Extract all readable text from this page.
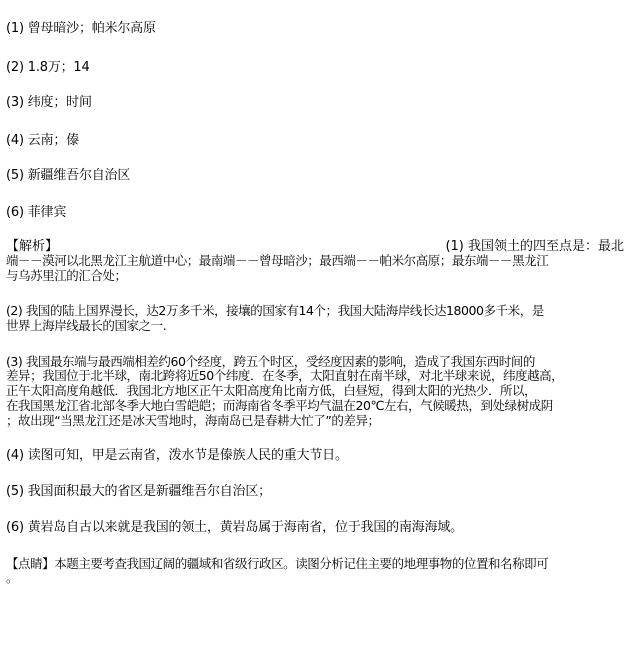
(1) 曾母暗沙；帕米尔高原
(2) 1.8万；14
(3) 纬度；时间
(4) 云南；傣
(5) 新疆维吾尔自治区
(6) 菲律宾
【解析】	(1) 我国领土的四至点是：最北
端－－漠河以北黑龙江主航道中心；最南端－－曾母暗沙；最西端－－帕米尔高原；最东端－－黑龙江
与乌苏里江的汇合处；
(2) 我国的陆上国界漫长，达2万多千米，接壤的国家有14个；我国大陆海岸线长达18000多千米，是
世界上海岸线最长的国家之一.
(3) 我国最东端与最西端相差约60个经度，跨五个时区，受经度因素的影响，造成了我国东西时间的
差异；我国位于北半球，南北跨将近50个纬度．在冬季，太阳直射在南半球，对北半球来说，纬度越高，
正午太阳高度角越低．我国北方地区正午太阳高度角比南方低，白昼短，得到太阳的光热少．所以，
在我国黑龙江省北部冬季大地白雪皑皑；而海南省冬季平均气温在20℃左右，气候暖热，到处绿树成阴
；故出现“当黑龙江还是冰天雪地时，海南岛已是春耕大忙了”的差异；
(4) 读图可知，甲是云南省，泼水节是傣族人民的重大节日。
(5) 我国面积最大的省区是新疆维吾尔自治区；
(6) 黄岩岛自古以来就是我国的领土，黄岩岛属于海南省，位于我国的南海海域。
【点睛】本题主要考查我国辽阔的疆域和省级行政区。读图分析记住主要的地理事物的位置和名称即可
。
